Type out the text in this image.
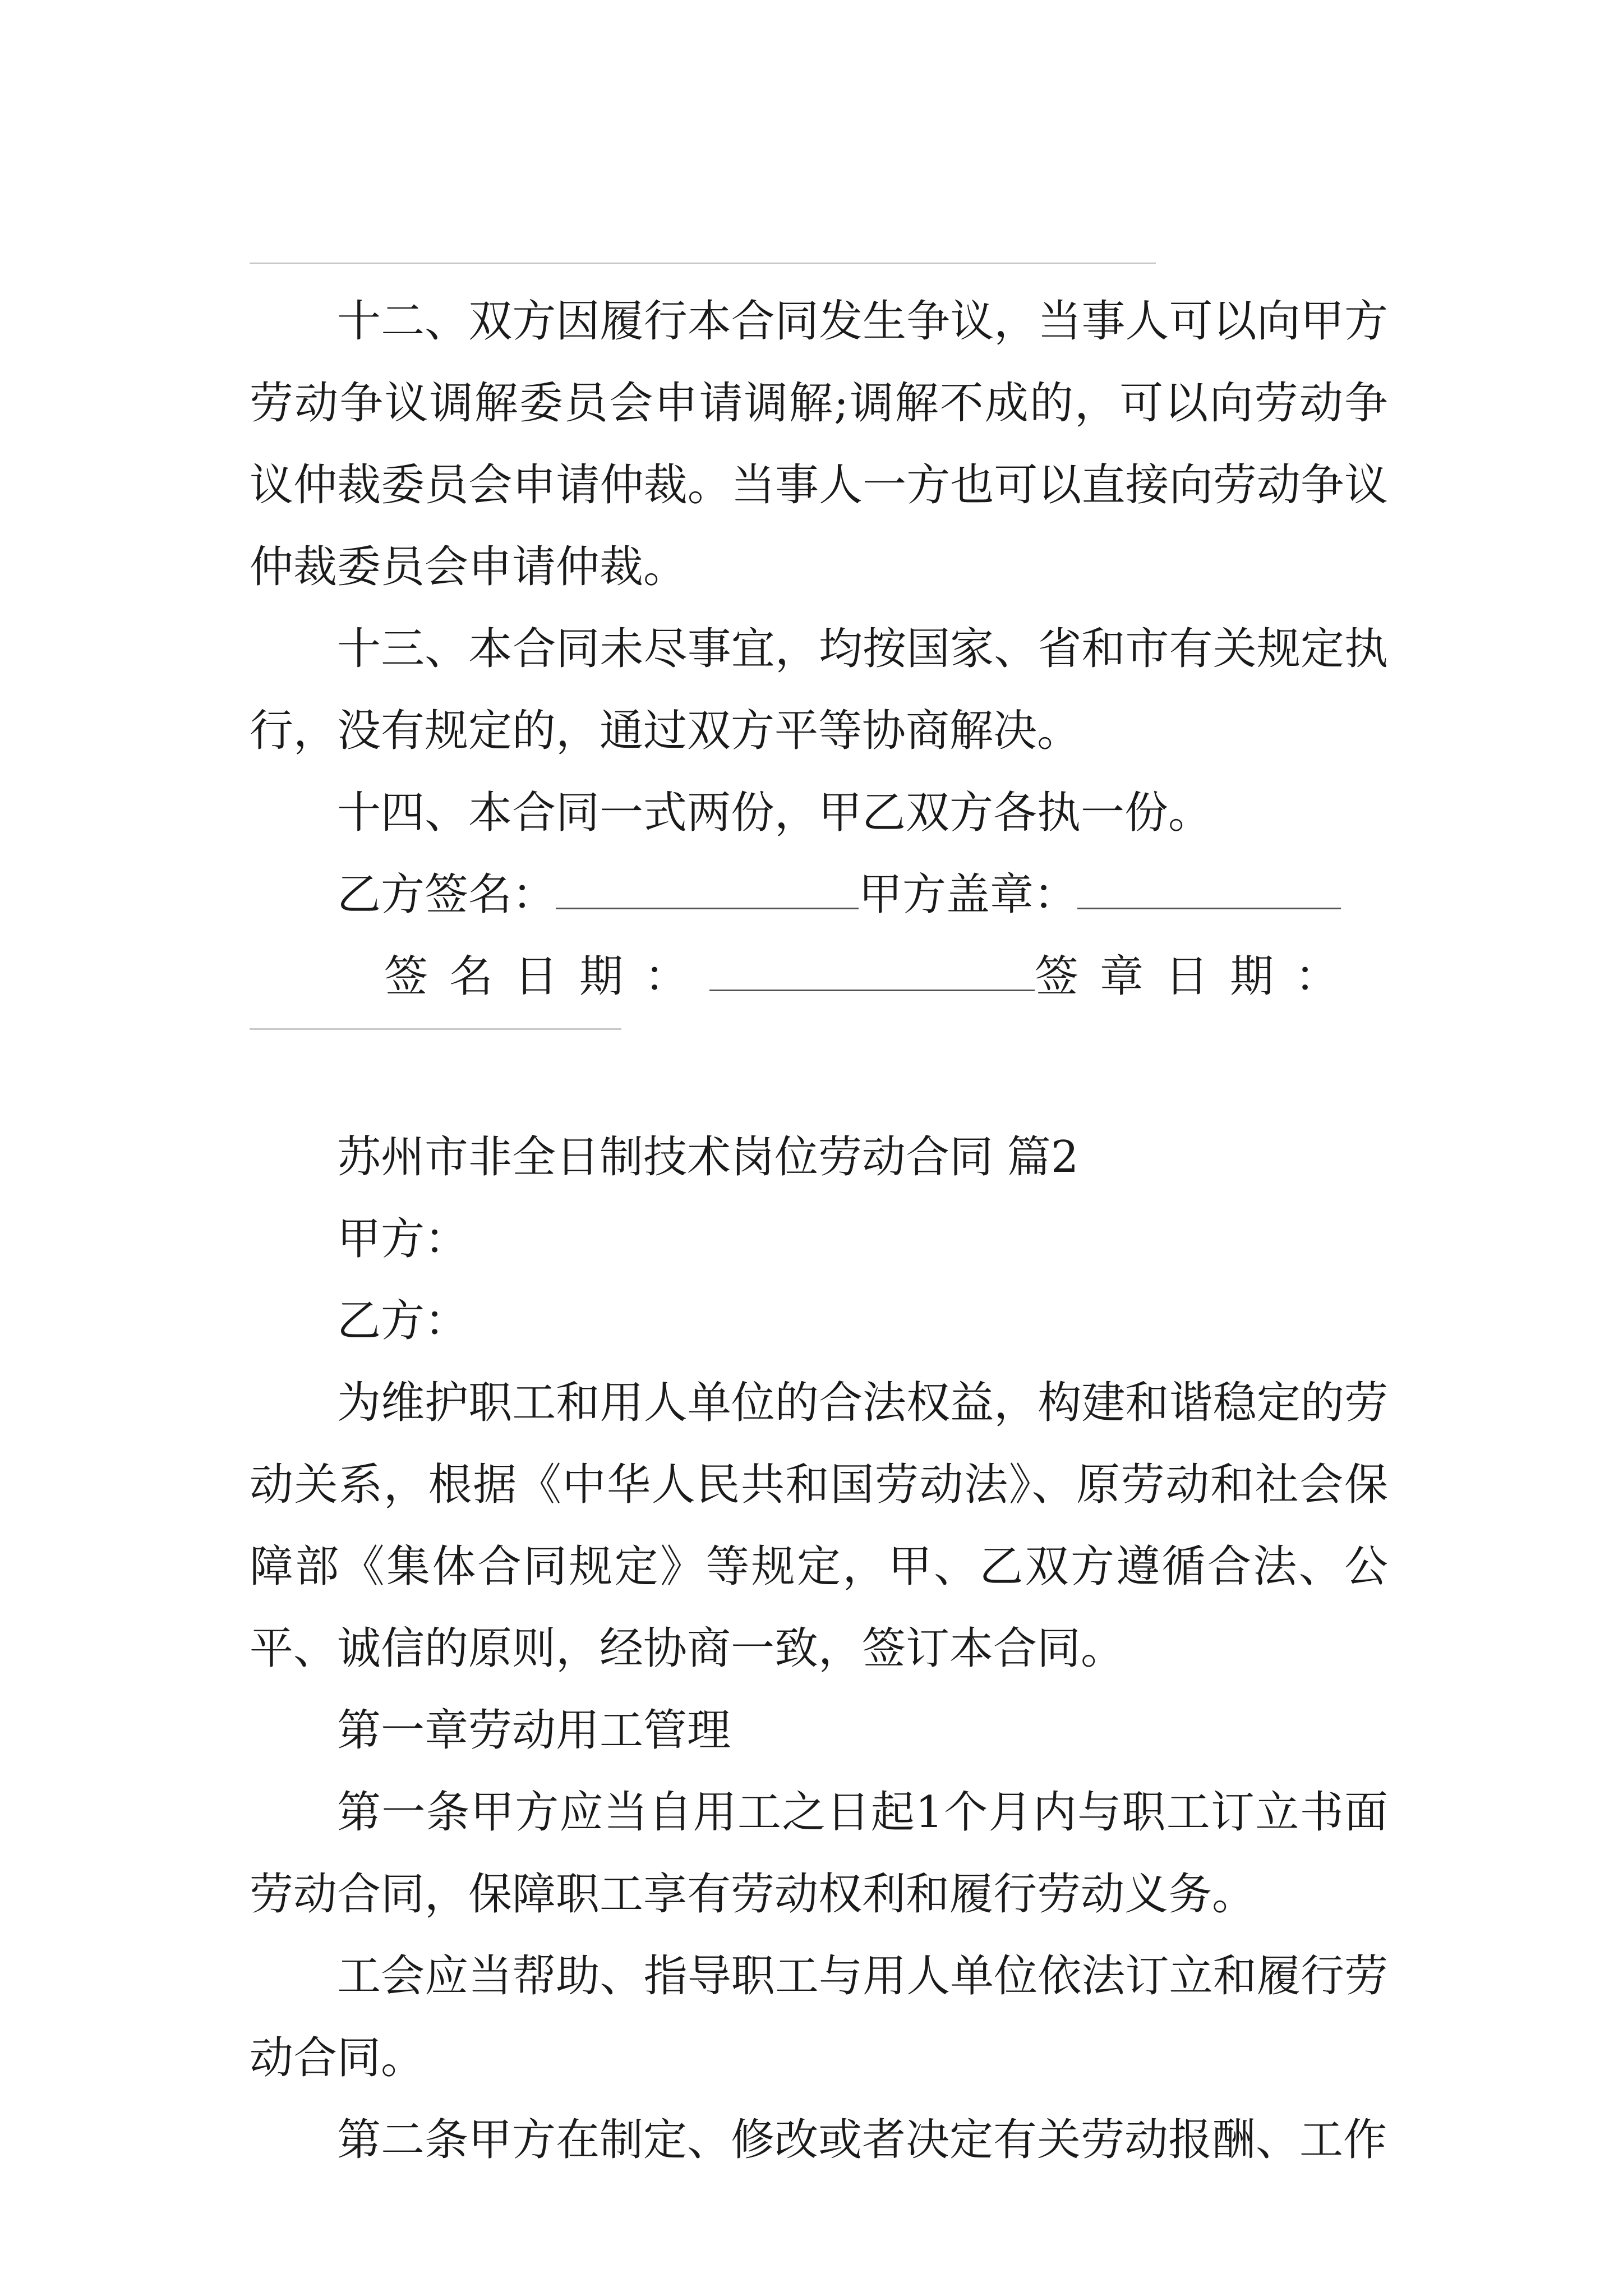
十二、双方因履行本合同发生争议，当事人可以向甲方劳动争议调解委员会申请调解;调解不成的，可以向劳动争议仲裁委员会申请仲裁。当事人一方也可以直接向劳动争议仲裁委员会申请仲裁。

十三、本合同未尽事宜，均按国家、省和市有关规定执行，没有规定的，通过双方平等协商解决。

十四、本合同一式两份，甲乙双方各执一份。

乙方签名：	甲方盖章：

签名日期：	签章日期：

苏州市非全日制技术岗位劳动合同 篇2

甲方：

乙方：

为维护职工和用人单位的合法权益，构建和谐稳定的劳动关系，根据《中华人民共和国劳动法》、原劳动和社会保障部《集体合同规定》等规定，甲、乙双方遵循合法、公平、诚信的原则，经协商一致，签订本合同。

第一章劳动用工管理

第一条甲方应当自用工之日起1个月内与职工订立书面劳动合同，保障职工享有劳动权利和履行劳动义务。

工会应当帮助、指导职工与用人单位依法订立和履行劳动合同。

第二条甲方在制定、修改或者决定有关劳动报酬、工作
